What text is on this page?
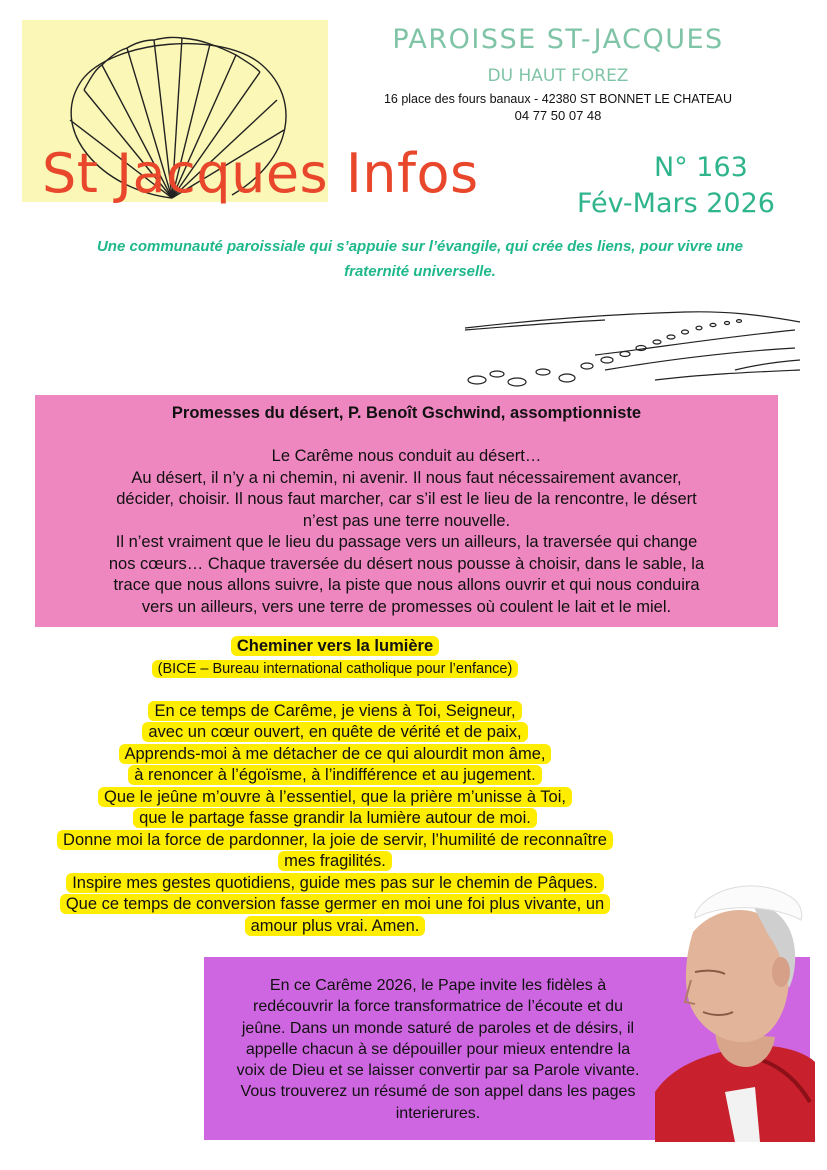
PAROISSE ST-JACQUES
DU HAUT FOREZ
16 place des fours banaux - 42380 ST BONNET LE CHATEAU
04 77 50 07 48
St Jacques Infos	N° 163
Fév-Mars 2026
Une communauté paroissiale qui s’appuie sur l’évangile, qui crée des liens, pour vivre une
fraternité universelle.
Promesses du désert, P. Benoît Gschwind, assomptionniste

Le Carême nous conduit au désert…

Au désert, il n’y a ni chemin, ni avenir. Il nous faut nécessairement avancer,

décider, choisir. Il nous faut marcher, car s’il est le lieu de la rencontre, le désert

n’est pas une terre nouvelle.

Il n’est vraiment que le lieu du passage vers un ailleurs, la traversée qui change

nos cœurs… Chaque traversée du désert nous pousse à choisir, dans le sable, la

trace que nous allons suivre, la piste que nous allons ouvrir et qui nous conduira

vers un ailleurs, vers une terre de promesses où coulent le lait et le miel.

Cheminer vers la lumière
(BICE – Bureau international catholique pour l’enfance)
En ce temps de Carême, je viens à Toi, Seigneur,
avec un cœur ouvert, en quête de vérité et de paix,
Apprends-moi à me détacher de ce qui alourdit mon âme,
à renoncer à l’égoïsme, à l’indifférence et au jugement.
Que le jeûne m’ouvre à l’essentiel, que la prière m’unisse à Toi,
que le partage fasse grandir la lumière autour de moi.
Donne moi la force de pardonner, la joie de servir, l’humilité de reconnaître
mes fragilités.
Inspire mes gestes quotidiens, guide mes pas sur le chemin de Pâques.
Que ce temps de conversion fasse germer en moi une foi plus vivante, un
amour plus vrai. Amen.
En ce Carême 2026, le Pape invite les fidèles à
redécouvrir la force transformatrice de l’écoute et du
jeûne. Dans un monde saturé de paroles et de désirs, il
appelle chacun à se dépouiller pour mieux entendre la
voix de Dieu et se laisser convertir par sa Parole vivante.
Vous trouverez un résumé de son appel dans les pages
interierures.
